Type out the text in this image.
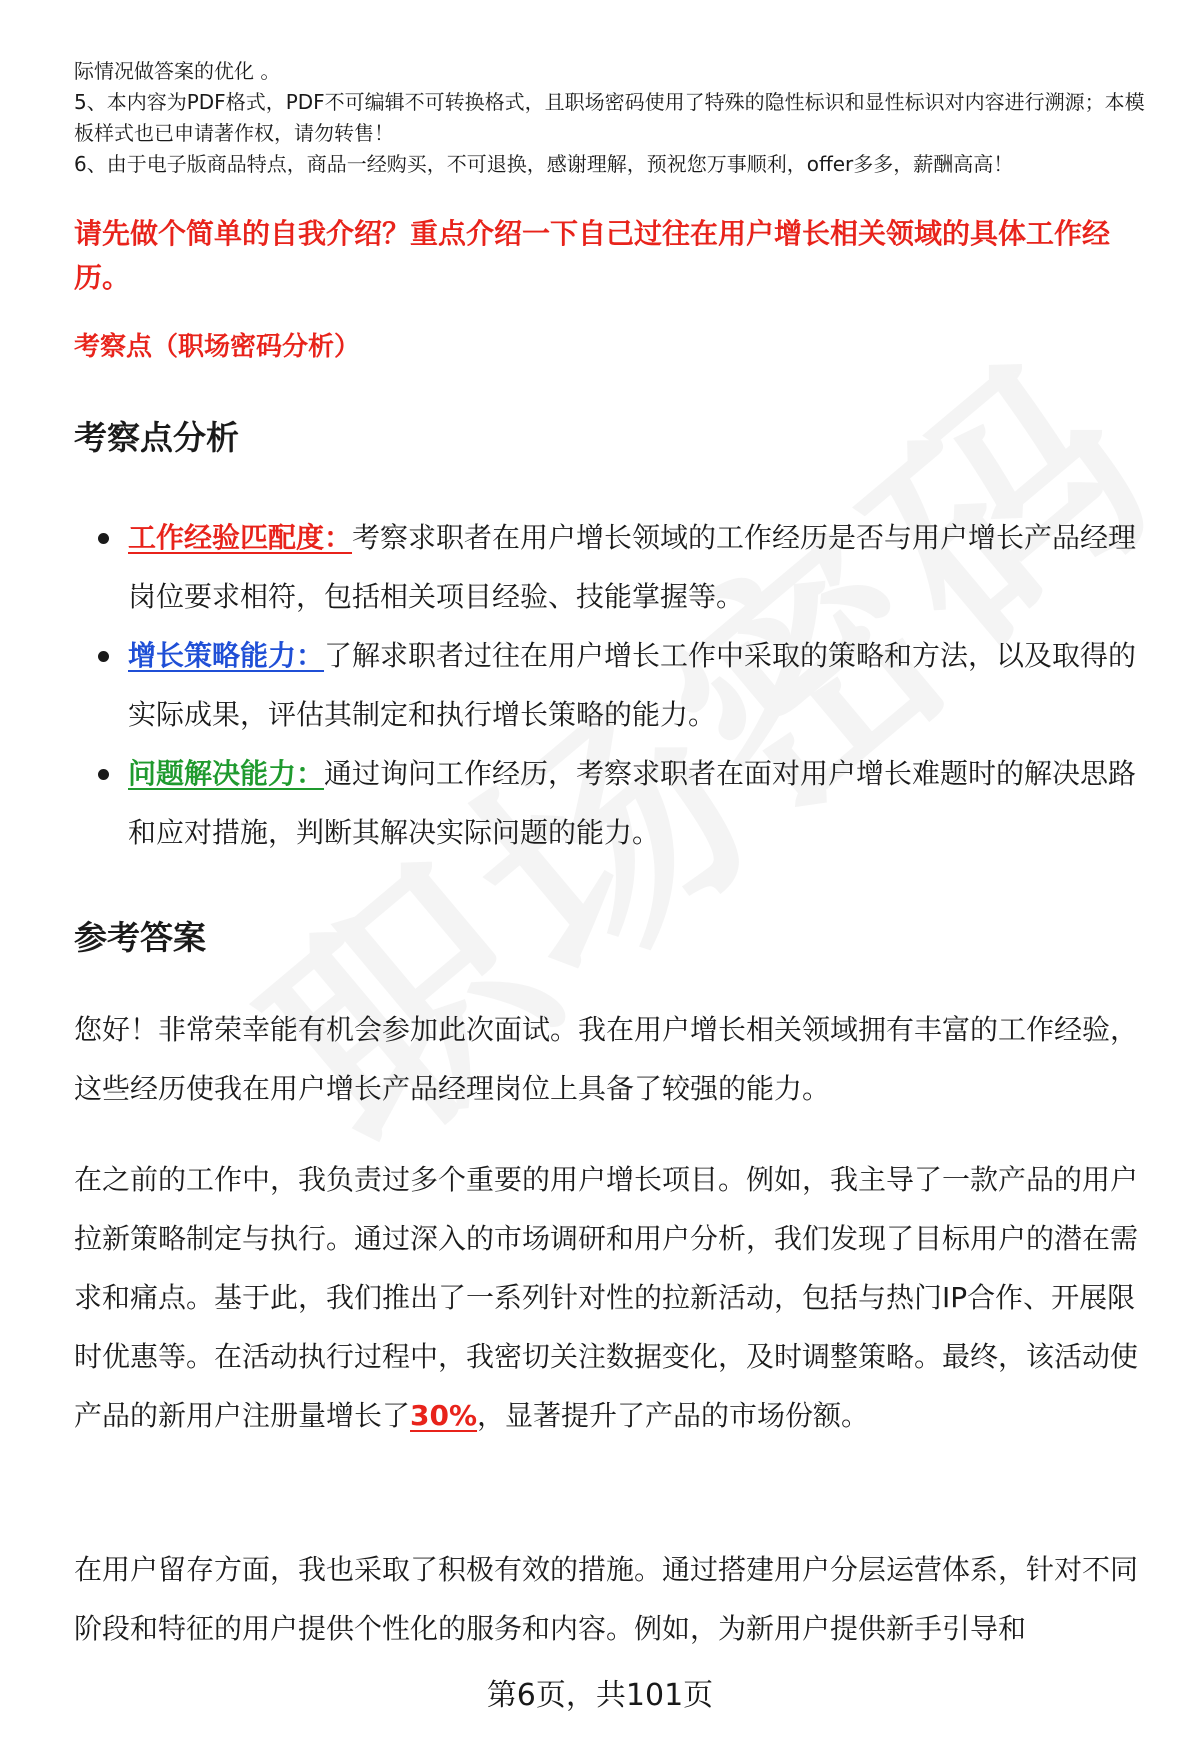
际情况做答案的优化 。

5、本内容为PDF格式，PDF不可编辑不可转换格式，且职场密码使用了特殊的隐性标识和显性标识对内容进行溯源；本模板样式也已申请著作权，请勿转售！

6、由于电子版商品特点，商品一经购买，不可退换，感谢理解，预祝您万事顺利，offer多多，薪酬高高！

请先做个简单的自我介绍？重点介绍一下自己过往在用户增长相关领域的具体工作经历。
考察点（职场密码分析）
考察点分析
工作经验匹配度：考察求职者在用户增长领域的工作经历是否与用户增长产品经理岗位要求相符，包括相关项目经验、技能掌握等。
增长策略能力：了解求职者过往在用户增长工作中采取的策略和方法，以及取得的实际成果，评估其制定和执行增长策略的能力。
问题解决能力：通过询问工作经历，考察求职者在面对用户增长难题时的解决思路和应对措施，判断其解决实际问题的能力。
参考答案

您好！非常荣幸能有机会参加此次面试。我在用户增长相关领域拥有丰富的工作经验，这些经历使我在用户增长产品经理岗位上具备了较强的能力。

在之前的工作中，我负责过多个重要的用户增长项目。例如，我主导了一款产品的用户拉新策略制定与执行。通过深入的市场调研和用户分析，我们发现了目标用户的潜在需求和痛点。基于此，我们推出了一系列针对性的拉新活动，包括与热门IP合作、开展限时优惠等。在活动执行过程中，我密切关注数据变化，及时调整策略。最终，该活动使产品的新用户注册量增长了30%，显著提升了产品的市场份额。

在用户留存方面，我也采取了积极有效的措施。通过搭建用户分层运营体系，针对不同阶段和特征的用户提供个性化的服务和内容。例如，为新用户提供新手引导和

第6页，共101页
